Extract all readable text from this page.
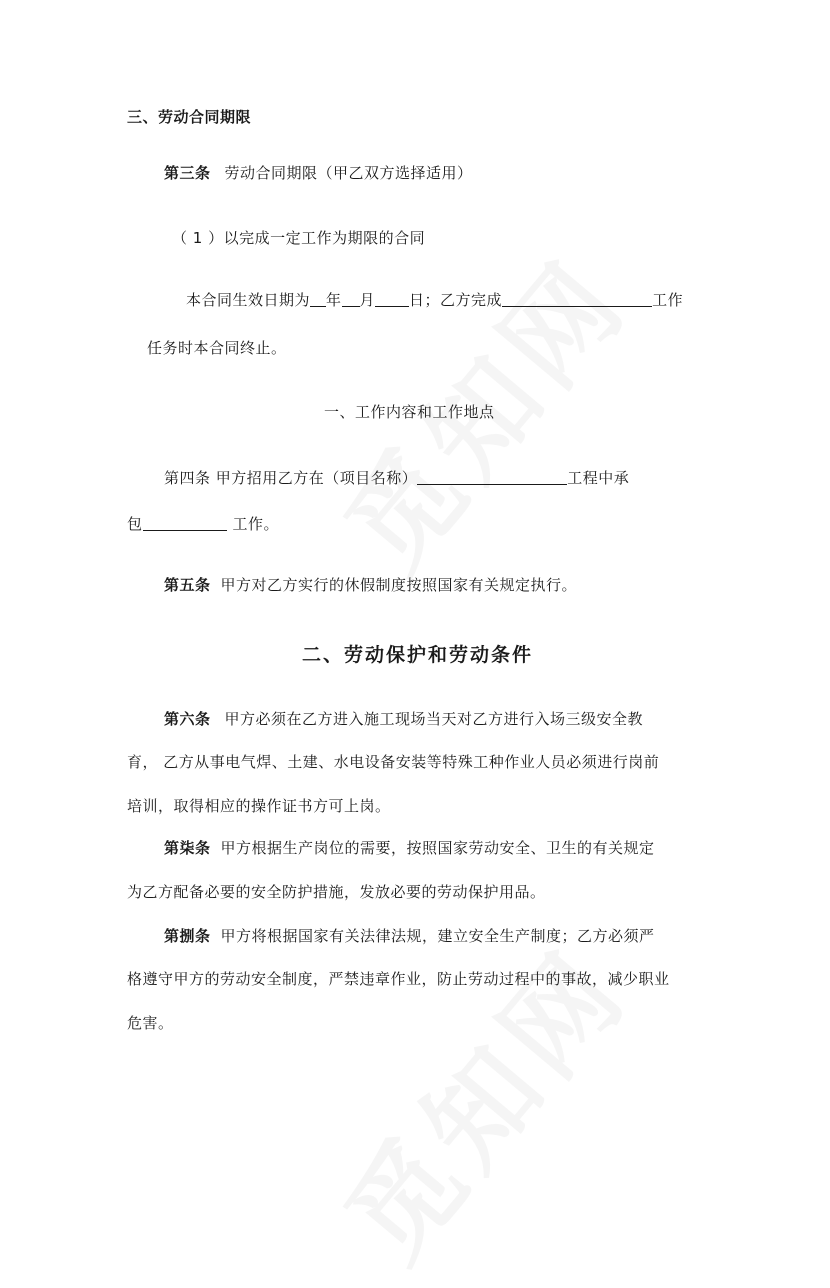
三、劳动合同期限
第三条 劳动合同期限（甲乙双方选择适用）
（ 1 ）以完成一定工作为期限的合同
本合同生效日期为 年 月 日；乙方完成	工作
任务时本合同终止。
一、工作内容和工作地点
第四条 甲方招用乙方在（项目名称）	工程中承
包	工作。
第五条 甲方对乙方实行的休假制度按照国家有关规定执行。
二、劳动保护和劳动条件
第六条 甲方必须在乙方进入施工现场当天对乙方进行入场三级安全教
育， 乙方从事电气焊、土建、水电设备安装等特殊工种作业人员必须进行岗前
培训，取得相应的操作证书方可上岗。
第柒条 甲方根据生产岗位的需要，按照国家劳动安全、卫生的有关规定
为乙方配备必要的安全防护措施，发放必要的劳动保护用品。
第捌条 甲方将根据国家有关法律法规，建立安全生产制度；乙方必须严
格遵守甲方的劳动安全制度，严禁违章作业，防止劳动过程中的事故，减少职业
危害。
